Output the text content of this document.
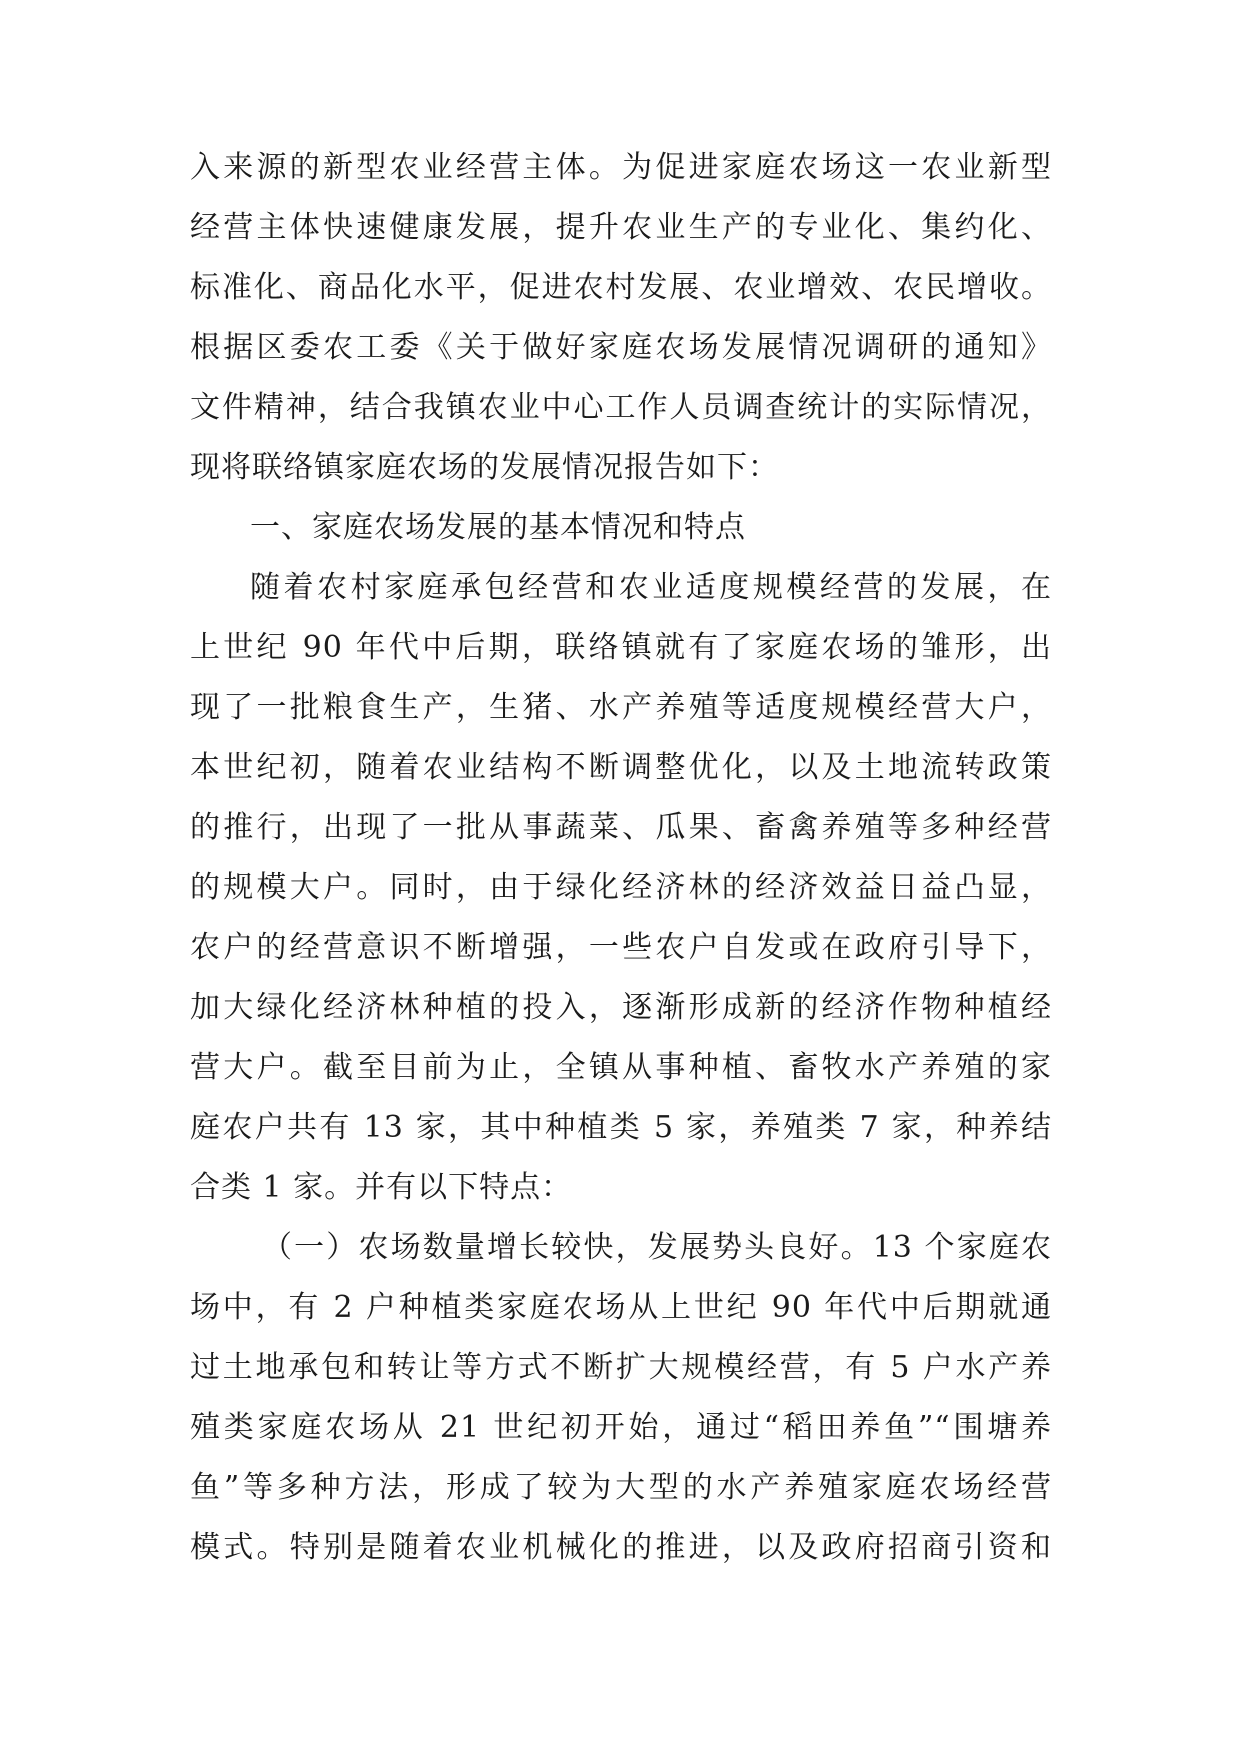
入来源的新型农业经营主体。为促进家庭农场这一农业新型
经营主体快速健康发展，提升农业生产的专业化、集约化、
标准化、商品化水平，促进农村发展、农业增效、农民增收。
根据区委农工委《关于做好家庭农场发展情况调研的通知》
文件精神，结合我镇农业中心工作人员调查统计的实际情况，
现将联络镇家庭农场的发展情况报告如下：
一、家庭农场发展的基本情况和特点
随着农村家庭承包经营和农业适度规模经营的发展，在
上世纪 90 年代中后期，联络镇就有了家庭农场的雏形，出
现了一批粮食生产，生猪、水产养殖等适度规模经营大户，
本世纪初，随着农业结构不断调整优化，以及土地流转政策
的推行，出现了一批从事蔬菜、瓜果、畜禽养殖等多种经营
的规模大户。同时，由于绿化经济林的经济效益日益凸显，
农户的经营意识不断增强，一些农户自发或在政府引导下，
加大绿化经济林种植的投入，逐渐形成新的经济作物种植经
营大户。截至目前为止，全镇从事种植、畜牧水产养殖的家
庭农户共有 13 家，其中种植类 5 家，养殖类 7 家，种养结
合类 1 家。并有以下特点：
（一）农场数量增长较快，发展势头良好。13 个家庭农
场中，有 2 户种植类家庭农场从上世纪 90 年代中后期就通
过土地承包和转让等方式不断扩大规模经营，有 5 户水产养
殖类家庭农场从 21 世纪初开始，通过“稻田养鱼”“围塘养
鱼”等多种方法，形成了较为大型的水产养殖家庭农场经营
模式。特别是随着农业机械化的推进，以及政府招商引资和
